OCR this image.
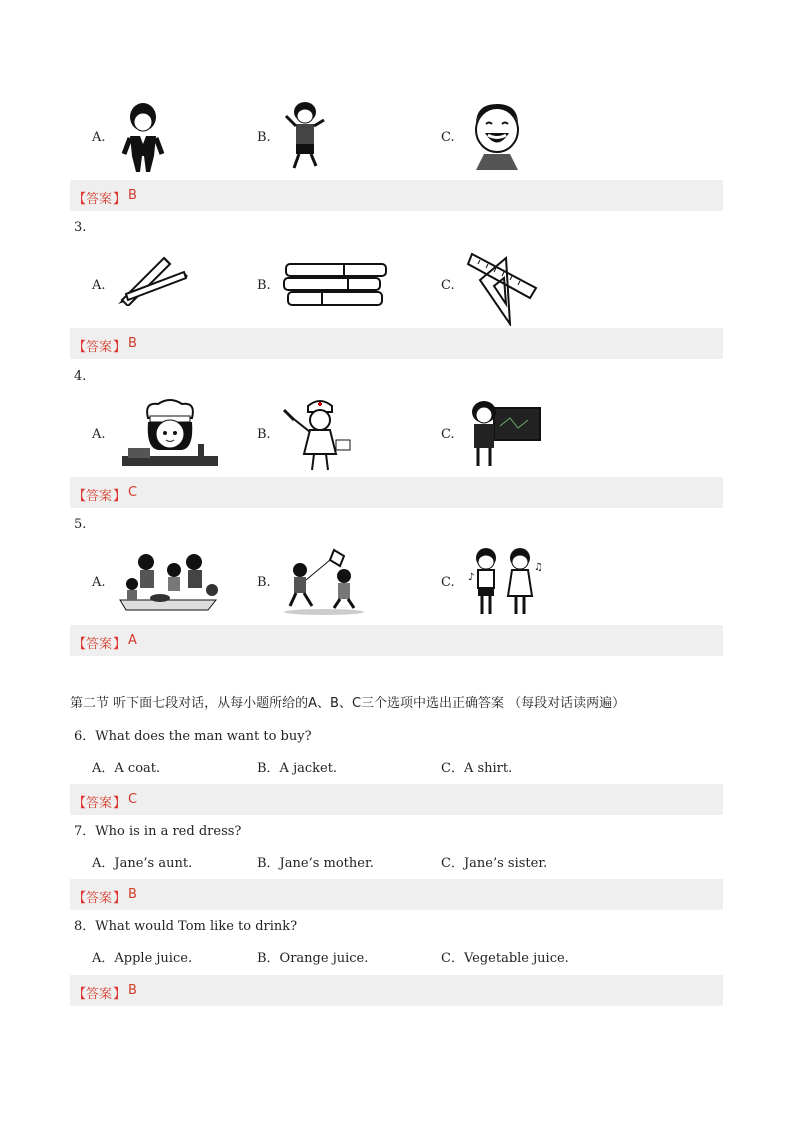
A.	B.	C.
【 答案 】 B
3.
A.	B.	C.
【 答案 】 B
4.
A.	B.	C.
【 答案 】 C
5.
A.	B.	C. ♪
♫
【 答案 】 A
第二节 听下面七段对话，从每小题所给的A、B、C三个选项中选出正确答案 （每段对话读两遍）
6．What does the man want to buy?
A．A coat.	B．A jacket.	C．A shirt.
【 答案 】 C
7．Who is in a red dress?
A．Jane’s aunt.	B．Jane’s mother.	C．Jane’s sister.
【 答案 】 B
8．What would Tom like to drink?
A．Apple juice.	B．Orange juice.	C．Vegetable juice.
【 答案 】 B
